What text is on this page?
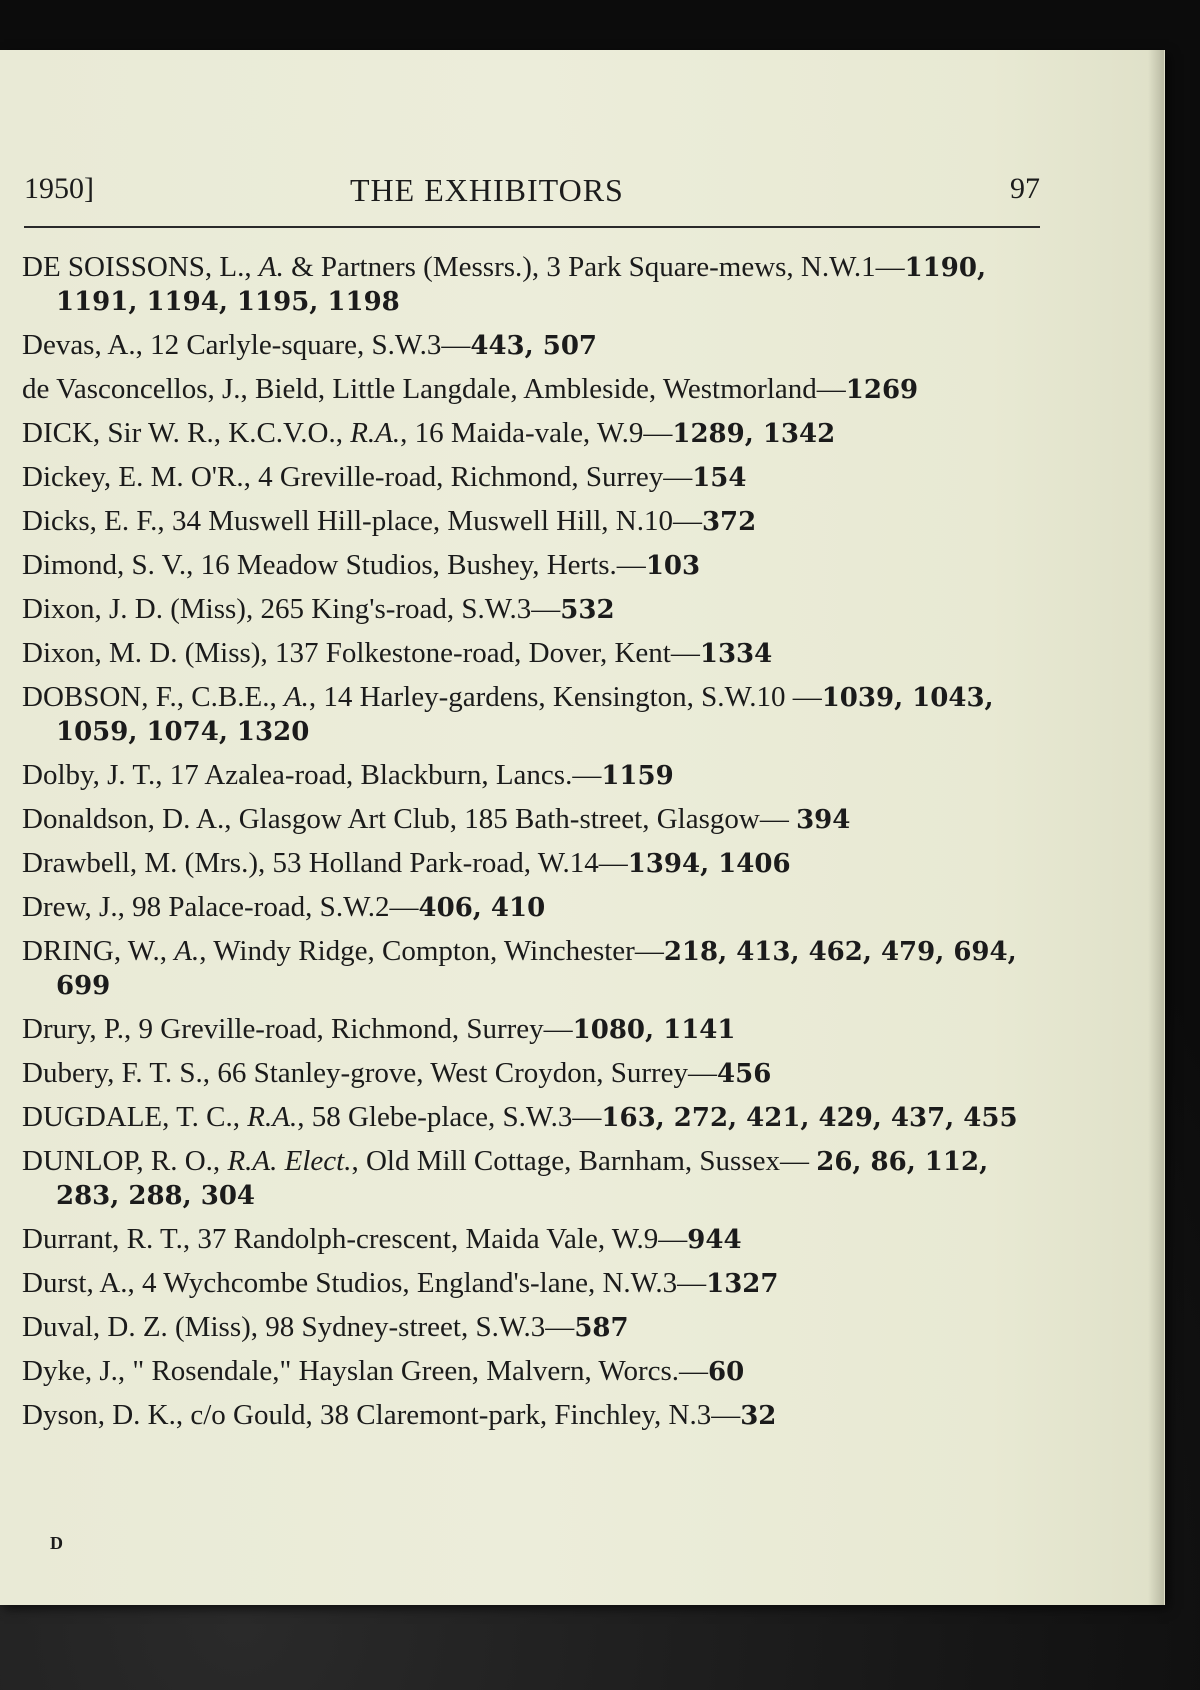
1950]	THE EXHIBITORS	97
DE SOISSONS, L., A. & Partners (Messrs.), 3 Park Square-mews, N.W.1—1190, 1191, 1194, 1195, 1198
Devas, A., 12 Carlyle-square, S.W.3—443, 507
de Vasconcellos, J., Bield, Little Langdale, Ambleside, Westmorland—1269
DICK, Sir W. R., K.C.V.O., R.A., 16 Maida-vale, W.9—1289, 1342
Dickey, E. M. O'R., 4 Greville-road, Richmond, Surrey—154
Dicks, E. F., 34 Muswell Hill-place, Muswell Hill, N.10—372
Dimond, S. V., 16 Meadow Studios, Bushey, Herts.—103
Dixon, J. D. (Miss), 265 King's-road, S.W.3—532
Dixon, M. D. (Miss), 137 Folkestone-road, Dover, Kent—1334
DOBSON, F., C.B.E., A., 14 Harley-gardens, Kensington, S.W.10 —1039, 1043, 1059, 1074, 1320
Dolby, J. T., 17 Azalea-road, Blackburn, Lancs.—1159
Donaldson, D. A., Glasgow Art Club, 185 Bath-street, Glasgow— 394
Drawbell, M. (Mrs.), 53 Holland Park-road, W.14—1394, 1406
Drew, J., 98 Palace-road, S.W.2—406, 410
DRING, W., A., Windy Ridge, Compton, Winchester—218, 413, 462, 479, 694, 699
Drury, P., 9 Greville-road, Richmond, Surrey—1080, 1141
Dubery, F. T. S., 66 Stanley-grove, West Croydon, Surrey—456
DUGDALE, T. C., R.A., 58 Glebe-place, S.W.3—163, 272, 421, 429, 437, 455
DUNLOP, R. O., R.A. Elect., Old Mill Cottage, Barnham, Sussex— 26, 86, 112, 283, 288, 304
Durrant, R. T., 37 Randolph-crescent, Maida Vale, W.9—944
Durst, A., 4 Wychcombe Studios, England's-lane, N.W.3—1327
Duval, D. Z. (Miss), 98 Sydney-street, S.W.3—587
Dyke, J., " Rosendale," Hayslan Green, Malvern, Worcs.—60
Dyson, D. K., c/o Gould, 38 Claremont-park, Finchley, N.3—32
D
